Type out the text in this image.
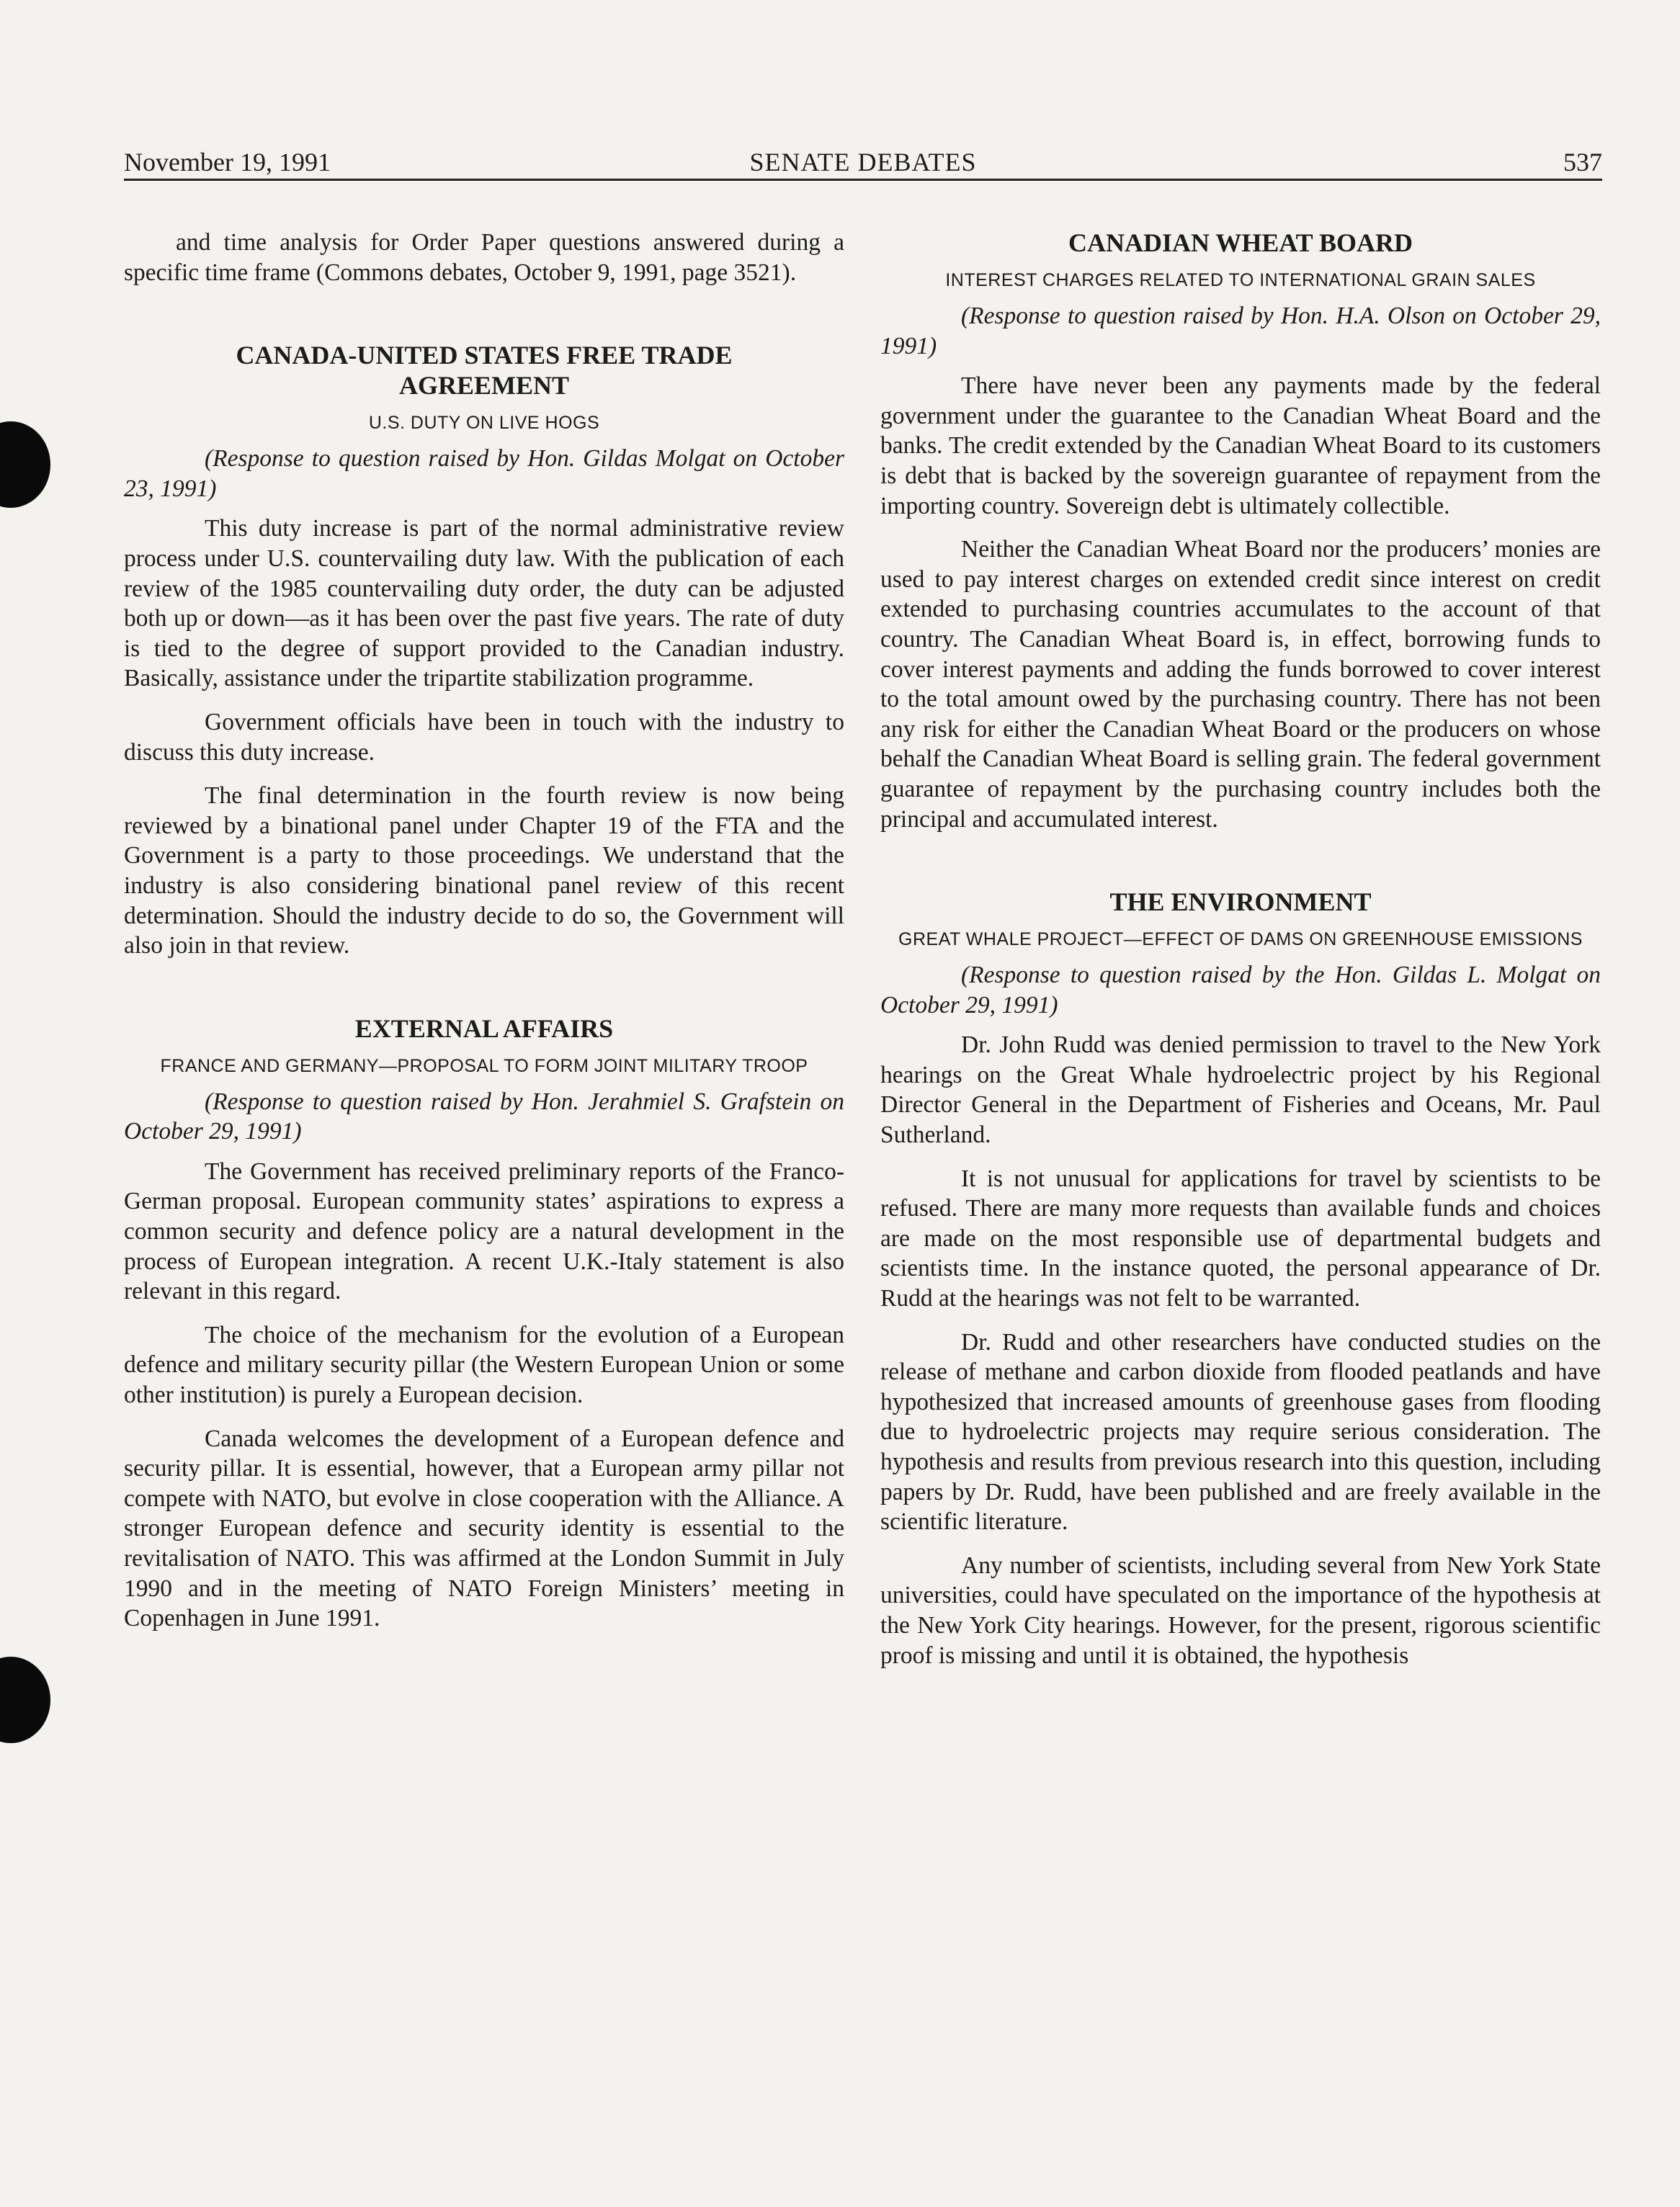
November 19, 1991	SENATE DEBATES	537

and time analysis for Order Paper questions answered during a specific time frame (Commons debates, October 9, 1991, page 3521).

CANADA-UNITED STATES FREE TRADE AGREEMENT
U.S. DUTY ON LIVE HOGS

(Response to question raised by Hon. Gildas Molgat on October 23, 1991)

This duty increase is part of the normal administrative review process under U.S. countervailing duty law. With the publication of each review of the 1985 countervailing duty order, the duty can be adjusted both up or down—as it has been over the past five years. The rate of duty is tied to the degree of support provided to the Canadian industry. Basically, assistance under the tripartite stabilization programme.

Government officials have been in touch with the industry to discuss this duty increase.

The final determination in the fourth review is now being reviewed by a binational panel under Chapter 19 of the FTA and the Government is a party to those proceedings. We understand that the industry is also considering binational panel review of this recent determination. Should the industry decide to do so, the Government will also join in that review.

EXTERNAL AFFAIRS
FRANCE AND GERMANY—PROPOSAL TO FORM JOINT MILITARY TROOP

(Response to question raised by Hon. Jerahmiel S. Grafstein on October 29, 1991)

The Government has received preliminary reports of the Franco-German proposal. European community states’ aspirations to express a common security and defence policy are a natural development in the process of European integration. A recent U.K.-Italy statement is also relevant in this regard.

The choice of the mechanism for the evolution of a European defence and military security pillar (the Western European Union or some other institution) is purely a European decision.

Canada welcomes the development of a European defence and security pillar. It is essential, however, that a European army pillar not compete with NATO, but evolve in close cooperation with the Alliance. A stronger European defence and security identity is essential to the revitalisation of NATO. This was affirmed at the London Summit in July 1990 and in the meeting of NATO Foreign Ministers’ meeting in Copenhagen in June 1991.

CANADIAN WHEAT BOARD
INTEREST CHARGES RELATED TO INTERNATIONAL GRAIN SALES

(Response to question raised by Hon. H.A. Olson on October 29, 1991)

There have never been any payments made by the federal government under the guarantee to the Canadian Wheat Board and the banks. The credit extended by the Canadian Wheat Board to its customers is debt that is backed by the sovereign guarantee of repayment from the importing country. Sovereign debt is ultimately collectible.

Neither the Canadian Wheat Board nor the producers’ monies are used to pay interest charges on extended credit since interest on credit extended to purchasing countries accumulates to the account of that country. The Canadian Wheat Board is, in effect, borrowing funds to cover interest payments and adding the funds borrowed to cover interest to the total amount owed by the purchasing country. There has not been any risk for either the Canadian Wheat Board or the producers on whose behalf the Canadian Wheat Board is selling grain. The federal government guarantee of repayment by the purchasing country includes both the principal and accumulated interest.

THE ENVIRONMENT
GREAT WHALE PROJECT—EFFECT OF DAMS ON GREENHOUSE EMISSIONS

(Response to question raised by the Hon. Gildas L. Molgat on October 29, 1991)

Dr. John Rudd was denied permission to travel to the New York hearings on the Great Whale hydroelectric project by his Regional Director General in the Department of Fisheries and Oceans, Mr. Paul Sutherland.

It is not unusual for applications for travel by scientists to be refused. There are many more requests than available funds and choices are made on the most responsible use of departmental budgets and scientists time. In the instance quoted, the personal appearance of Dr. Rudd at the hearings was not felt to be warranted.

Dr. Rudd and other researchers have conducted studies on the release of methane and carbon dioxide from flooded peatlands and have hypothesized that increased amounts of greenhouse gases from flooding due to hydroelectric projects may require serious consideration. The hypothesis and results from previous research into this question, including papers by Dr. Rudd, have been published and are freely available in the scientific literature.

Any number of scientists, including several from New York State universities, could have speculated on the importance of the hypothesis at the New York City hearings. However, for the present, rigorous scientific proof is missing and until it is obtained, the hypothesis
